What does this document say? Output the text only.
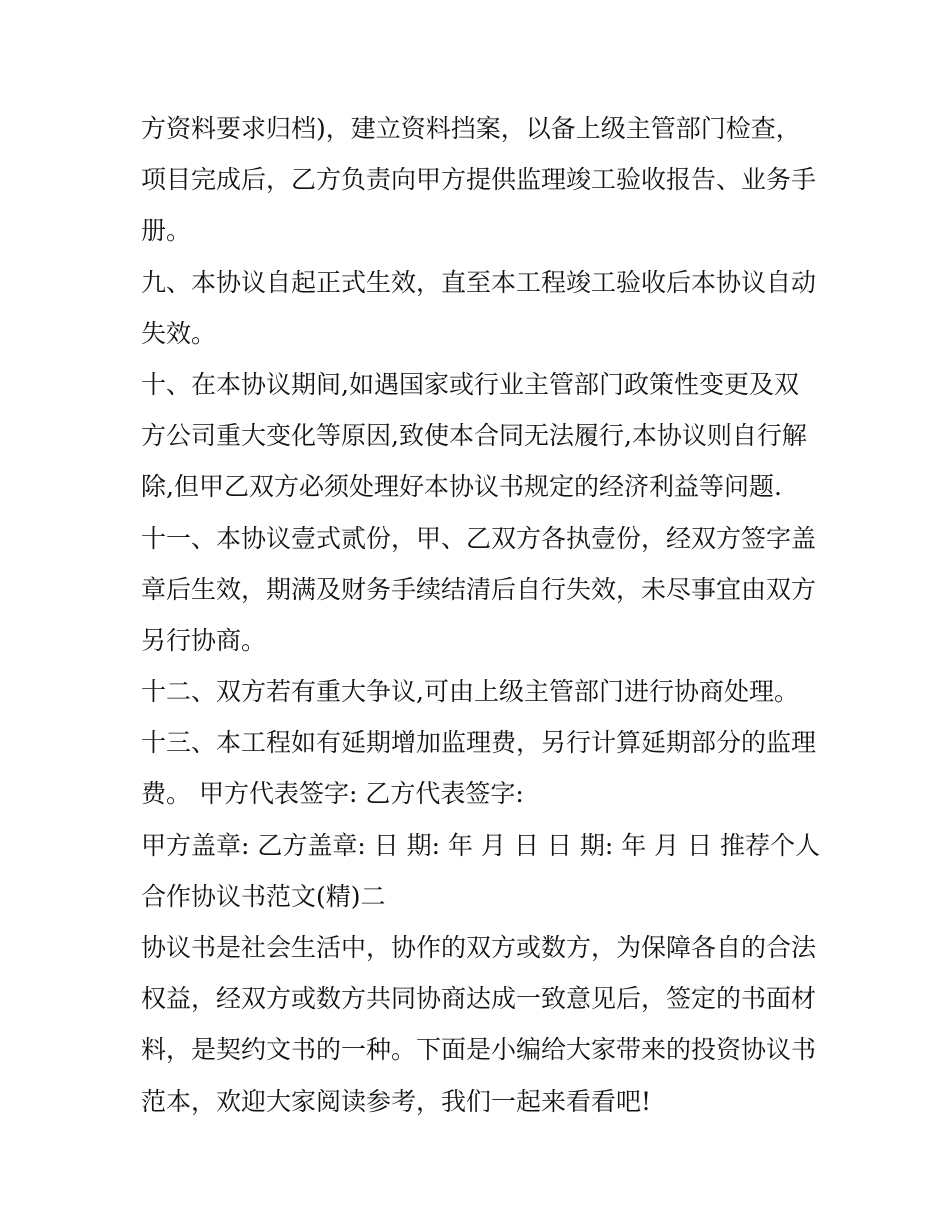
方资料要求归档)，建立资料挡案，以备上级主管部门检查，
项目完成后，乙方负责向甲方提供监理竣工验收报告、业务手
册。
九、本协议自起正式生效，直至本工程竣工验收后本协议自动
失效。
十、在本协议期间,如遇国家或行业主管部门政策性变更及双
方公司重大变化等原因,致使本合同无法履行,本协议则自行解
除,但甲乙双方必须处理好本协议书规定的经济利益等问题.
十一、本协议壹式贰份，甲、乙双方各执壹份，经双方签字盖
章后生效，期满及财务手续结清后自行失效，未尽事宜由双方
另行协商。
十二、双方若有重大争议,可由上级主管部门进行协商处理。
十三、本工程如有延期增加监理费，另行计算延期部分的监理
费。 甲方代表签字: 乙方代表签字:
甲方盖章: 乙方盖章: 日 期: 年 月 日 日 期: 年 月 日 推荐个人
合作协议书范文(精)二
协议书是社会生活中，协作的双方或数方，为保障各自的合法
权益，经双方或数方共同协商达成一致意见后，签定的书面材
料，是契约文书的一种。下面是小编给大家带来的投资协议书
范本，欢迎大家阅读参考，我们一起来看看吧!
